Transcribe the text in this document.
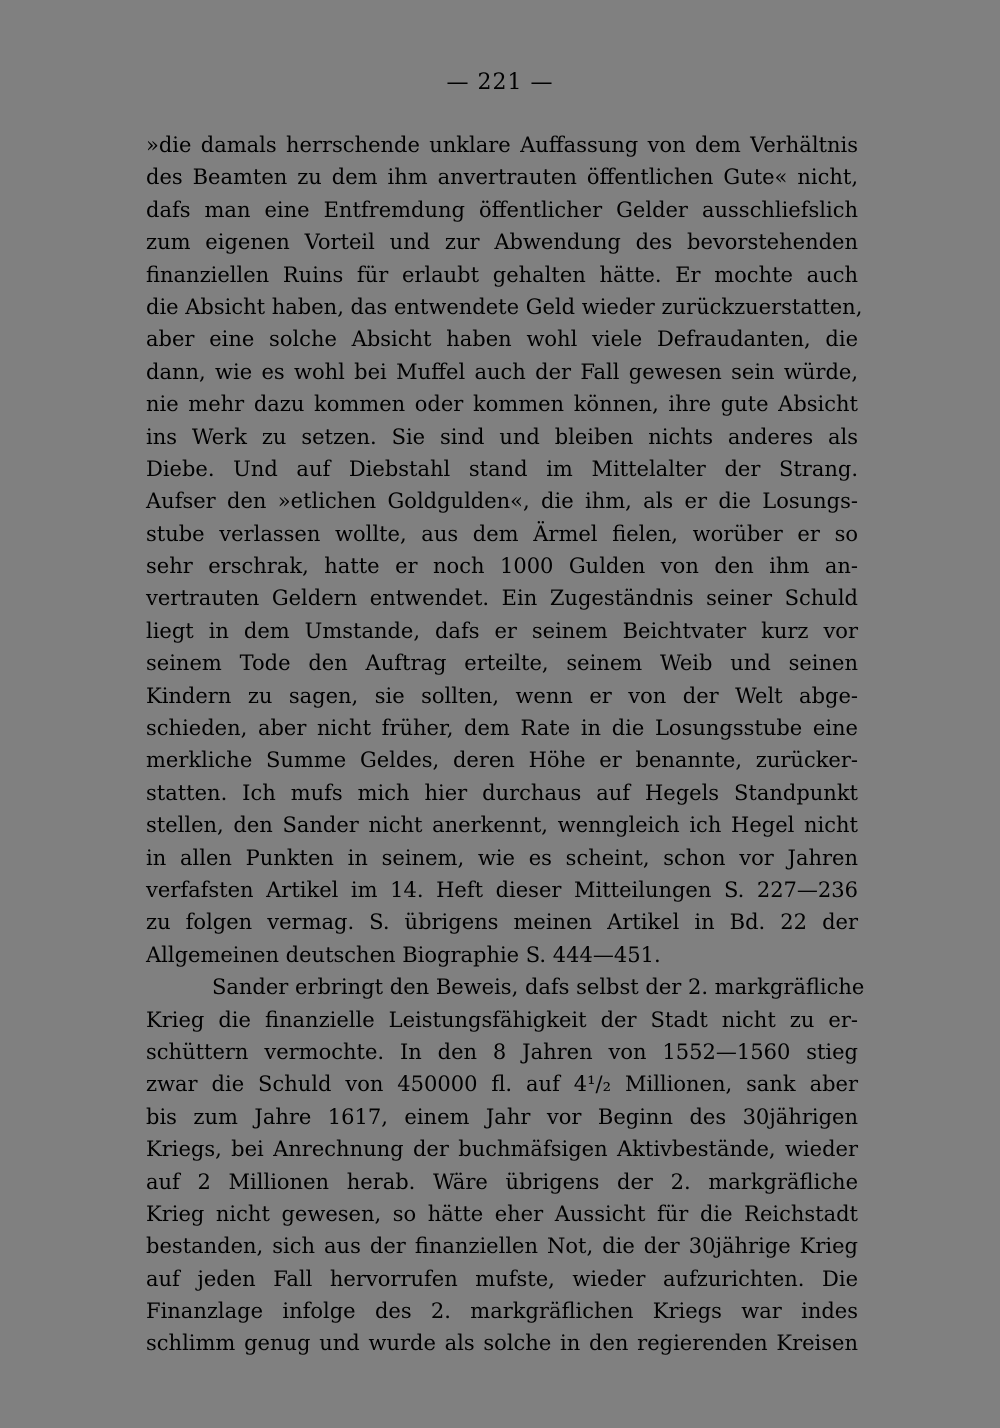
— 221 —
»die damals herrschende unklare Auffassung von dem Verhältnis
des Beamten zu dem ihm anvertrauten öffentlichen Gute« nicht,
dafs man eine Entfremdung öffentlicher Gelder ausschliefslich
zum eigenen Vorteil und zur Abwendung des bevorstehenden
finanziellen Ruins für erlaubt gehalten hätte. Er mochte auch
die Absicht haben, das entwendete Geld wieder zurückzuerstatten,
aber eine solche Absicht haben wohl viele Defraudanten, die
dann, wie es wohl bei Muffel auch der Fall gewesen sein würde,
nie mehr dazu kommen oder kommen können, ihre gute Absicht
ins Werk zu setzen. Sie sind und bleiben nichts anderes als
Diebe. Und auf Diebstahl stand im Mittelalter der Strang.
Aufser den »etlichen Goldgulden«, die ihm, als er die Losungs-
stube verlassen wollte, aus dem Ärmel fielen, worüber er so
sehr erschrak, hatte er noch 1000 Gulden von den ihm an-
vertrauten Geldern entwendet. Ein Zugeständnis seiner Schuld
liegt in dem Umstande, dafs er seinem Beichtvater kurz vor
seinem Tode den Auftrag erteilte, seinem Weib und seinen
Kindern zu sagen, sie sollten, wenn er von der Welt abge-
schieden, aber nicht früher, dem Rate in die Losungsstube eine
merkliche Summe Geldes, deren Höhe er benannte, zurücker-
statten. Ich mufs mich hier durchaus auf Hegels Standpunkt
stellen, den Sander nicht anerkennt, wenngleich ich Hegel nicht
in allen Punkten in seinem, wie es scheint, schon vor Jahren
verfafsten Artikel im 14. Heft dieser Mitteilungen S. 227—236
zu folgen vermag. S. übrigens meinen Artikel in Bd. 22 der
Allgemeinen deutschen Biographie S. 444—451.
Sander erbringt den Beweis, dafs selbst der 2. markgräfliche
Krieg die finanzielle Leistungsfähigkeit der Stadt nicht zu er-
schüttern vermochte. In den 8 Jahren von 1552—1560 stieg
zwar die Schuld von 450000 fl. auf 4¹/₂ Millionen, sank aber
bis zum Jahre 1617, einem Jahr vor Beginn des 30jährigen
Kriegs, bei Anrechnung der buchmäfsigen Aktivbestände, wieder
auf 2 Millionen herab. Wäre übrigens der 2. markgräfliche
Krieg nicht gewesen, so hätte eher Aussicht für die Reichstadt
bestanden, sich aus der finanziellen Not, die der 30jährige Krieg
auf jeden Fall hervorrufen mufste, wieder aufzurichten. Die
Finanzlage infolge des 2. markgräflichen Kriegs war indes
schlimm genug und wurde als solche in den regierenden Kreisen
